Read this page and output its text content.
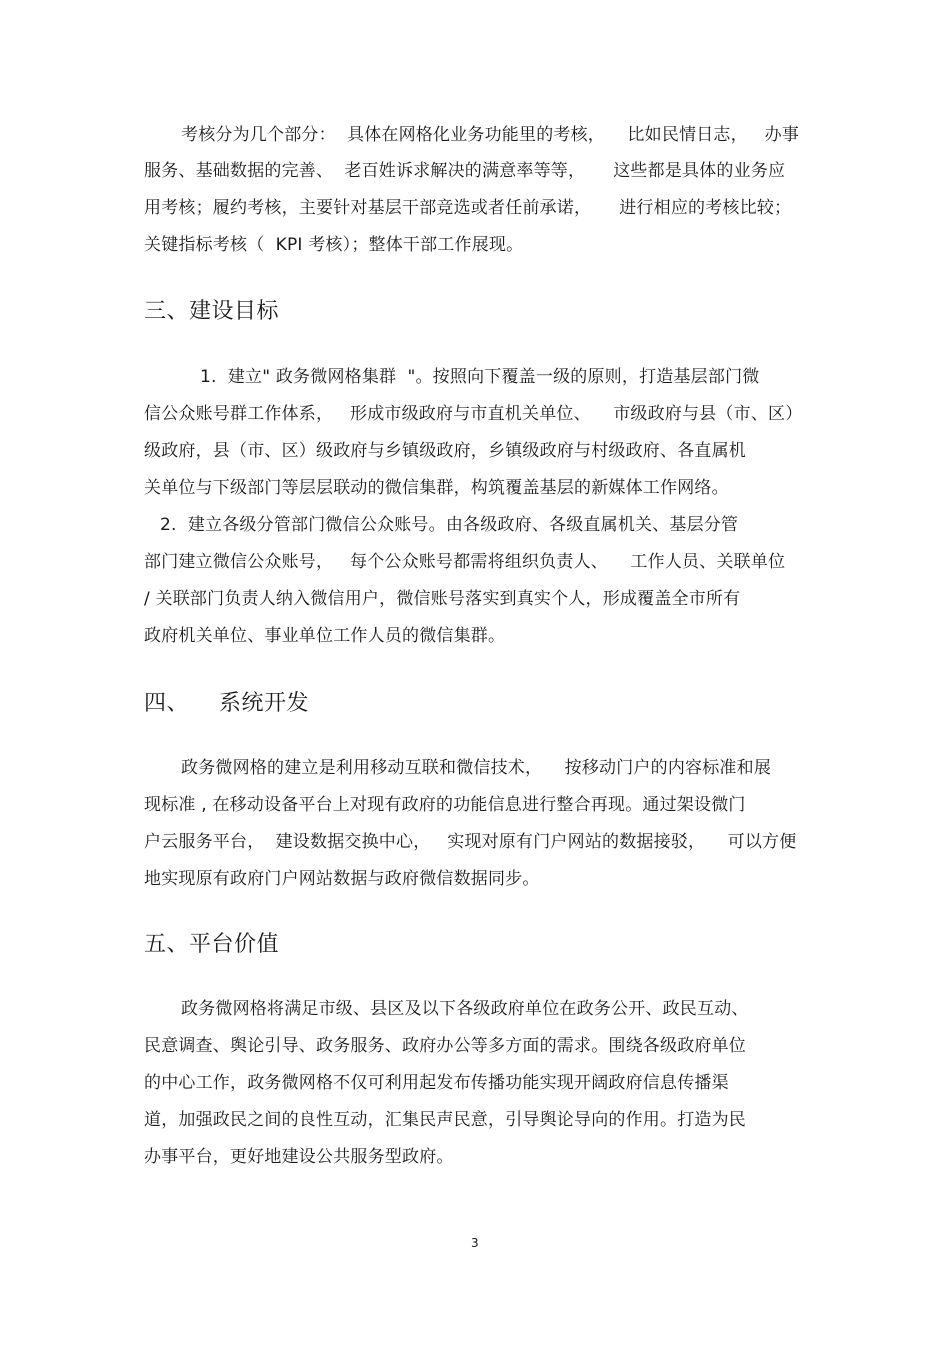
考核分为几个部分：  具体在网格化业务功能里的考核，    比如民情日志，   办事
服务、基础数据的完善、  老百姓诉求解决的满意率等等，     这些都是具体的业务应
用考核；履约考核，主要针对基层干部竞选或者任前承诺，     进行相应的考核比较；
关键指标考核（  KPI 考核）；整体干部工作展现。
三、建设目标
1.  建立" 政务微网格集群  "。按照向下覆盖一级的原则，打造基层部门微
信公众账号群工作体系，   形成市级政府与市直机关单位、    市级政府与县（市、区）
级政府，县（市、区）级政府与乡镇级政府，乡镇级政府与村级政府、各直属机
关单位与下级部门等层层联动的微信集群，构筑覆盖基层的新媒体工作网络。
2.  建立各级分管部门微信公众账号。由各级政府、各级直属机关、基层分管
部门建立微信公众账号，   每个公众账号都需将组织负责人、    工作人员、关联单位
/ 关联部门负责人纳入微信用户，微信账号落实到真实个人，形成覆盖全市所有
政府机关单位、事业单位工作人员的微信集群。
四、    系统开发
政务微网格的建立是利用移动互联和微信技术，    按移动门户的内容标准和展
现标准 , 在移动设备平台上对现有政府的功能信息进行整合再现。通过架设微门
户云服务平台，  建设数据交换中心，   实现对原有门户网站的数据接驳，    可以方便
地实现原有政府门户网站数据与政府微信数据同步。
五、平台价值
政务微网格将满足市级、县区及以下各级政府单位在政务公开、政民互动、
民意调查、舆论引导、政务服务、政府办公等多方面的需求。围绕各级政府单位
的中心工作，政务微网格不仅可利用起发布传播功能实现开阔政府信息传播渠
道，加强政民之间的良性互动，汇集民声民意，引导舆论导向的作用。打造为民
办事平台，更好地建设公共服务型政府。
3
